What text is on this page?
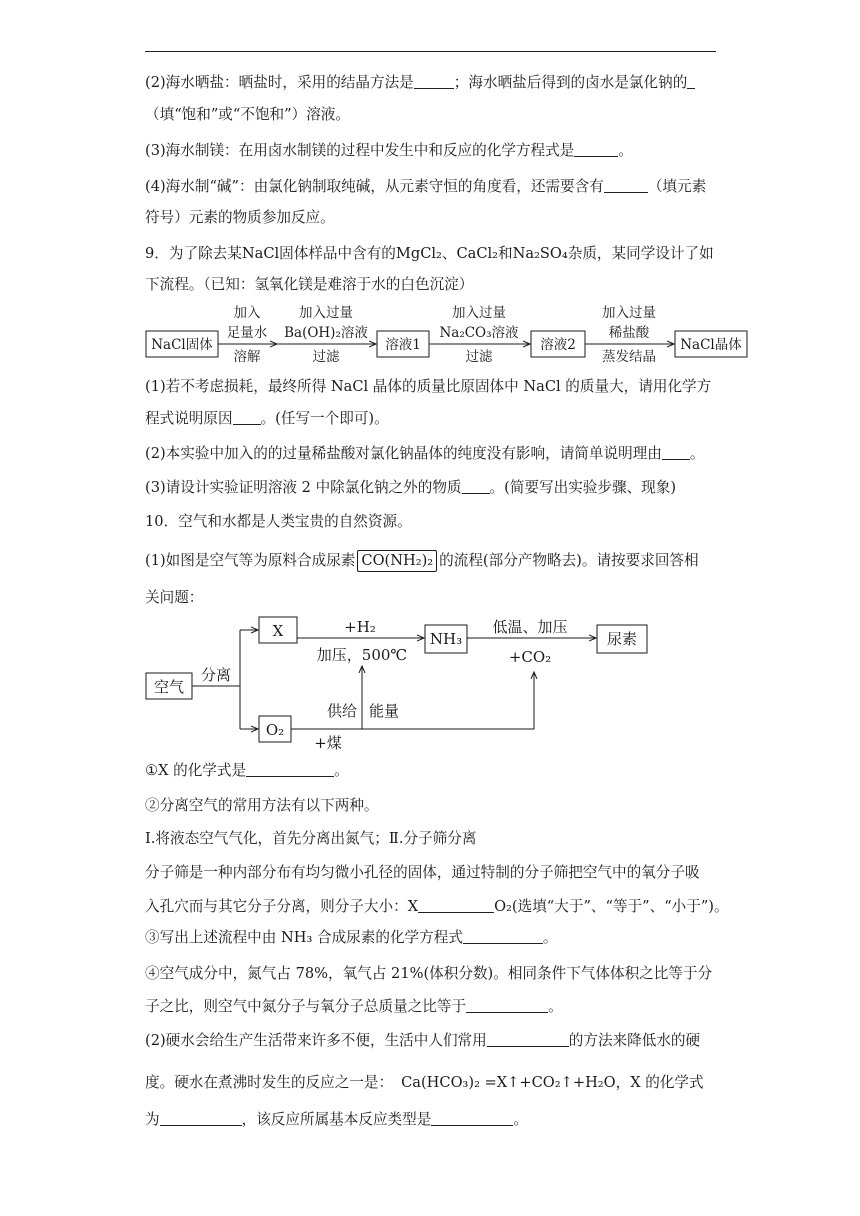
(2)海水晒盐：晒盐时，采用的结晶方法是	；海水晒盐后得到的卤水是氯化钠的
（填“饱和”或“不饱和”）溶液。
(3)海水制镁：在用卤水制镁的过程中发生中和反应的化学方程式是	。
(4)海水制“碱”：由氯化钠制取纯碱，从元素守恒的角度看，还需要含有	（填元素
符号）元素的物质参加反应。
9．为了除去某NaCl固体样品中含有的MgCl₂、CaCl₂和Na₂SO₄杂质，某同学设计了如
下流程。（已知：氢氧化镁是难溶于水的白色沉淀）
NaCl固体
加入
足量水
溶解
加入过量
Ba(OH)₂溶液
过滤
溶液1
加入过量
Na₂CO₃溶液
过滤
溶液2
加入过量
稀盐酸
蒸发结晶
NaCl晶体
(1)若不考虑损耗，最终所得 NaCl 晶体的质量比原固体中 NaCl 的质量大，请用化学方
程式说明原因 。(任写一个即可)。
(2)本实验中加入的的过量稀盐酸对氯化钠晶体的纯度没有影响，请简单说明理由 。
(3)请设计实验证明溶液 2 中除氯化钠之外的物质 。(简要写出实验步骤、现象)
10．空气和水都是人类宝贵的自然资源。
(1)如图是空气等为原料合成尿素 CO(NH₂)₂ 的流程(部分产物略去)。请按要求回答相
关问题：
空气
分离
X	+H₂
加压，500℃
NH₃
低温、加压
+CO₂
尿素
O₂
+煤
供给 能量
①X 的化学式是	。
②分离空气的常用方法有以下两种。
Ⅰ.将液态空气气化，首先分离出氮气；Ⅱ.分子筛分离
分子筛是一种内部分布有均匀微小孔径的固体，通过特制的分子筛把空气中的氧分子吸
入孔穴而与其它分子分离，则分子大小：X	O₂(选填“大于”、“等于”、“小于”)。
③写出上述流程中由 NH₃ 合成尿素的化学方程式	。
④空气成分中，氮气占 78%，氧气占 21%(体积分数)。相同条件下气体体积之比等于分
子之比，则空气中氮分子与氧分子总质量之比等于	。
(2)硬水会给生产生活带来许多不便，生活中人们常用	的方法来降低水的硬
度。硬水在煮沸时发生的反应之一是： Ca(HCO₃)₂ =X↑+CO₂↑+H₂O，X 的化学式
为	，该反应所属基本反应类型是	。
